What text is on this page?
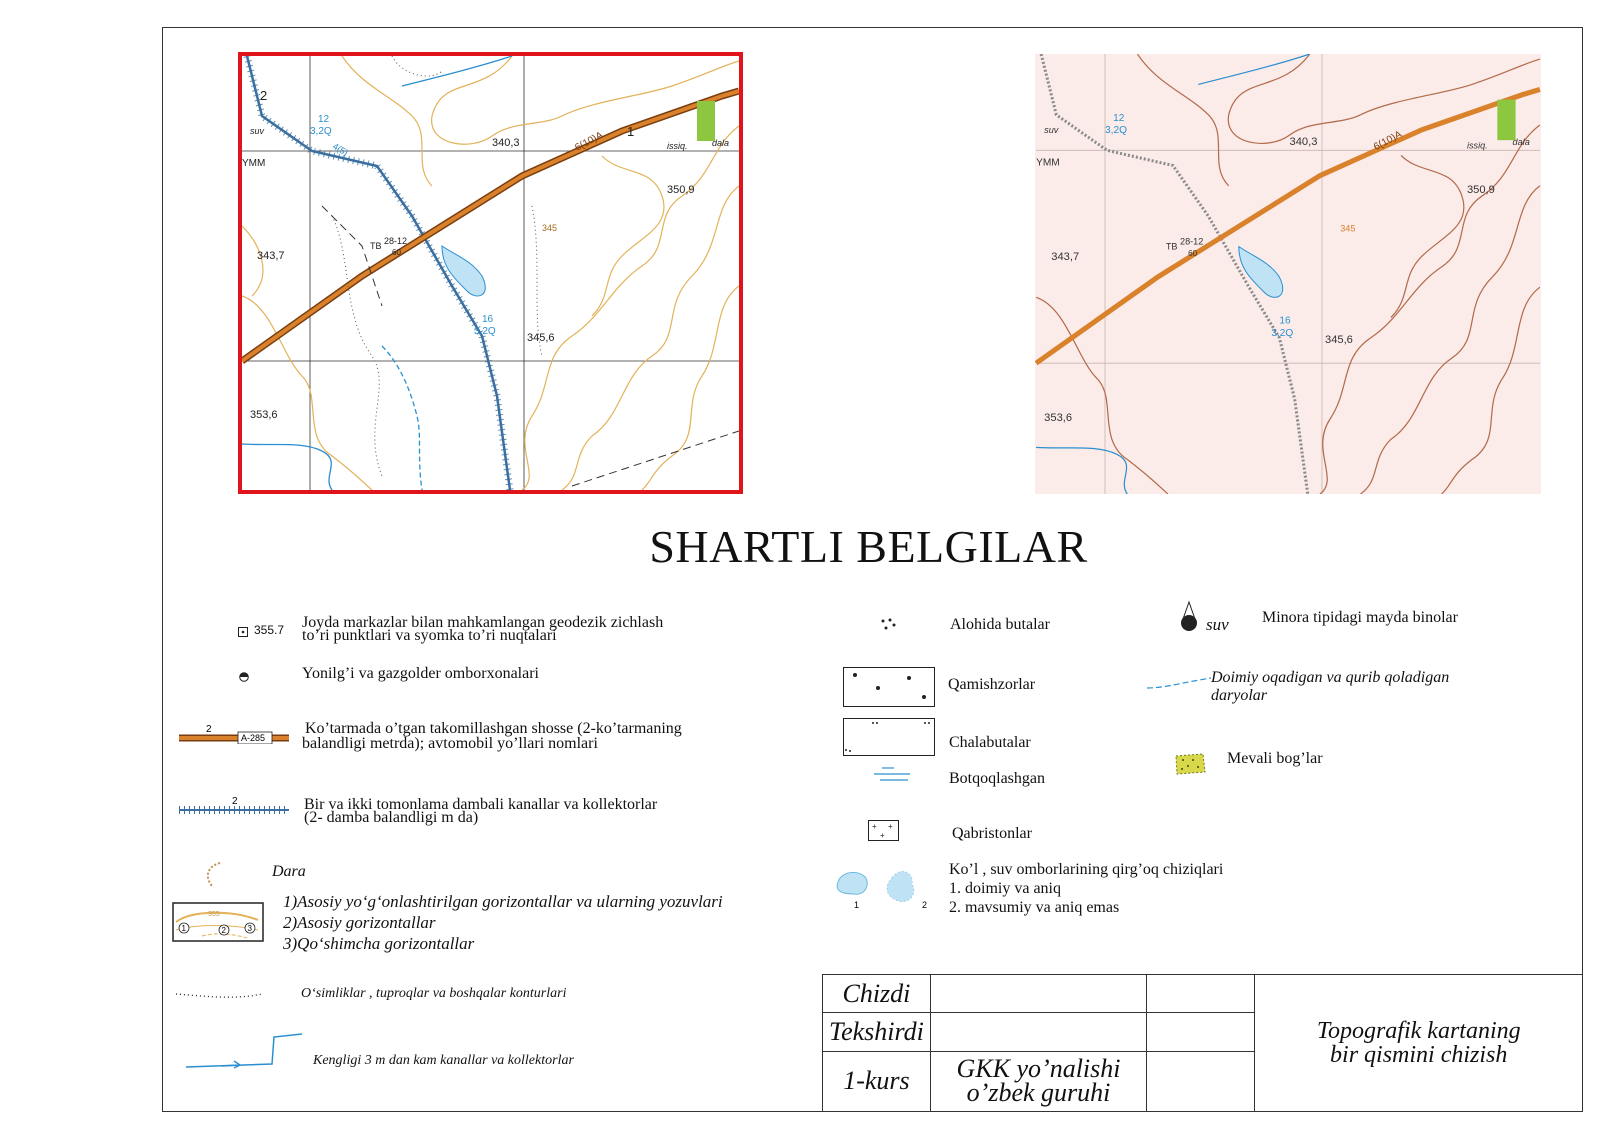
340,3
350,9
343,7
345,6
353,6
345
6(10)A
suv
YMM
issiq.	dala
TB 28-12
60
12
3,2Q
16
3,2Q
4(5)
1
2
340,3
350,9
343,7
345,6
353,6
345
6(10)A
suv
YMM
issiq.	dala
TB
28-12
60
12
3,2Q
16
3,2Q
SHARTLI BELGILAR
355.7 Joyda markazlar bilan mahkamlangan geodezik zichlash
to’ri punktlari va syomka to’ri nuqtalari
Yonilg’i va gazgolder omborxonalari
2
A-285
Ko’tarmada o’tgan takomillashgan shosse (2-ko’tarmaning
balandligi metrda); avtomobil yo’llari nomlari
2	Bir va ikki tomonlama dambali kanallar va kollektorlar
(2- damba balandligi m da)
Dara
355
1	2	3
1)Asosiy yo‘g‘onlashtirilgan gorizontallar va ularning yozuvlari
2)Asosiy gorizontallar
3)Qo‘shimcha gorizontallar
O‘simliklar , tuproqlar va boshqalar konturlari
Kengligi 3 m dan kam kanallar va kollektorlar
Alohida butalar
Qamishzorlar
Chalabutalar
Botqoqlashgan
+ +
+	Qabristonlar
1	2
Ko’l , suv omborlarining qirg’oq chiziqlari
1. doimiy va aniq
2. mavsumiy va aniq emas
suv Minora tipidagi mayda binolar
Doimiy oqadigan va qurib qoladigan
daryolar
Mevali bog’lar
Chizdi			Topografik kartaning
bir qismini chizish

Tekshirdi			
1-kurs	GKK yo’nalishi
o’zbek guruhi		
